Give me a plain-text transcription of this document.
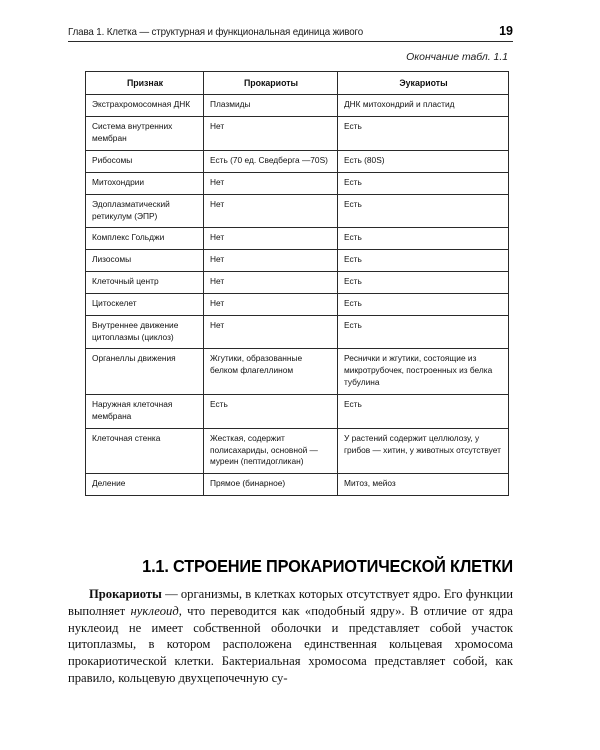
Глава 1. Клетка — структурная и функциональная единица живого	19
Окончание табл. 1.1
Признак	Прокариоты	Эукариоты
Экстрахромосомная ДНК	Плазмиды	ДНК митохондрий и пластид
Система внутренних мембран	Нет	Есть
Рибосомы	Есть (70 ед. Сведберга —70S)	Есть (80S)
Митохондрии	Нет	Есть
Эдоплазматический ретикулум (ЭПР)	Нет	Есть
Комплекс Гольджи	Нет	Есть
Лизосомы	Нет	Есть
Клеточный центр	Нет	Есть
Цитоскелет	Нет	Есть
Внутреннее движение цитоплазмы (циклоз)	Нет	Есть
Органеллы движения	Жгутики, образованные белком флагеллином	Реснички и жгутики, состоящие из микротрубочек, построенных из белка тубулина
Наружная клеточная мембрана	Есть	Есть
Клеточная стенка	Жесткая, содержит полисахариды, основной — муреин (пептидогликан)	У растений содержит целлюлозу, у грибов — хитин, у животных отсутствует
Деление	Прямое (бинарное)	Митоз, мейоз
1.1. СТРОЕНИЕ ПРОКАРИОТИЧЕСКОЙ КЛЕТКИ

Прокариоты — организмы, в клетках которых отсутствует ядро. Его функции выполняет нуклеоид, что переводится как «подобный ядру». В отличие от ядра нуклеоид не имеет собственной оболочки и представляет собой участок цитоплазмы, в котором расположена единственная кольцевая хромосома прокариотической клетки. Бактериальная хромосома представляет собой, как правило, кольцевую двухцепочечную су-
